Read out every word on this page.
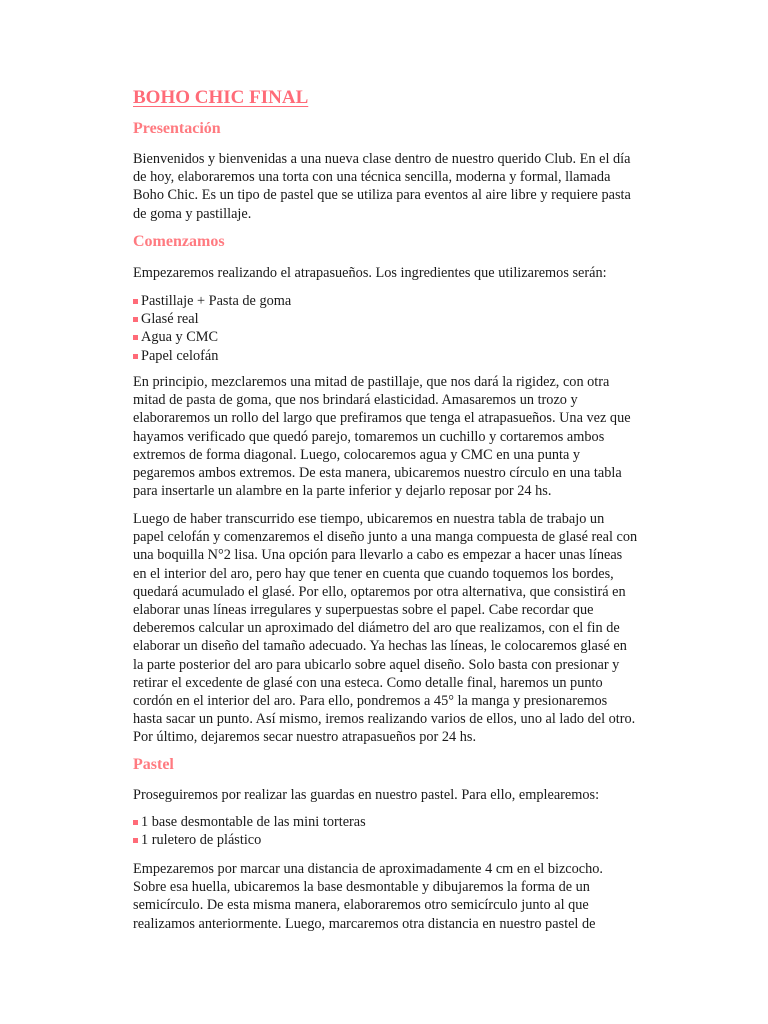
BOHO CHIC FINAL
Presentación

Bienvenidos y bienvenidas a una nueva clase dentro de nuestro querido Club. En el día de hoy, elaboraremos una torta con una técnica sencilla, moderna y formal, llamada Boho Chic. Es un tipo de pastel que se utiliza para eventos al aire libre y requiere pasta de goma y pastillaje.

Comenzamos

Empezaremos realizando el atrapasueños. Los ingredientes que utilizaremos serán:

Pastillaje + Pasta de goma
Glasé real
Agua y CMC
Papel celofán

En principio, mezclaremos una mitad de pastillaje, que nos dará la rigidez, con otra mitad de pasta de goma, que nos brindará elasticidad. Amasaremos un trozo y elaboraremos un rollo del largo que prefiramos que tenga el atrapasueños. Una vez que hayamos verificado que quedó parejo, tomaremos un cuchillo y cortaremos ambos extremos de forma diagonal. Luego, colocaremos agua y CMC en una punta y pegaremos ambos extremos. De esta manera, ubicaremos nuestro círculo en una tabla para insertarle un alambre en la parte inferior y dejarlo reposar por 24 hs.

Luego de haber transcurrido ese tiempo, ubicaremos en nuestra tabla de trabajo un papel celofán y comenzaremos el diseño junto a una manga compuesta de glasé real con una boquilla N°2 lisa. Una opción para llevarlo a cabo es empezar a hacer unas líneas en el interior del aro, pero hay que tener en cuenta que cuando toquemos los bordes, quedará acumulado el glasé. Por ello, optaremos por otra alternativa, que consistirá en elaborar unas líneas irregulares y superpuestas sobre el papel. Cabe recordar que deberemos calcular un aproximado del diámetro del aro que realizamos, con el fin de elaborar un diseño del tamaño adecuado. Ya hechas las líneas, le colocaremos glasé en la parte posterior del aro para ubicarlo sobre aquel diseño. Solo basta con presionar y retirar el excedente de glasé con una esteca. Como detalle final, haremos un punto cordón en el interior del aro. Para ello, pondremos a 45° la manga y presionaremos hasta sacar un punto. Así mismo, iremos realizando varios de ellos, uno al lado del otro. Por último, dejaremos secar nuestro atrapasueños por 24 hs.

Pastel

Proseguiremos por realizar las guardas en nuestro pastel. Para ello, emplearemos:

1 base desmontable de las mini torteras
1 ruletero de plástico

Empezaremos por marcar una distancia de aproximadamente 4 cm en el bizcocho. Sobre esa huella, ubicaremos la base desmontable y dibujaremos la forma de un semicírculo. De esta misma manera, elaboraremos otro semicírculo junto al que realizamos anteriormente. Luego, marcaremos otra distancia en nuestro pastel de
